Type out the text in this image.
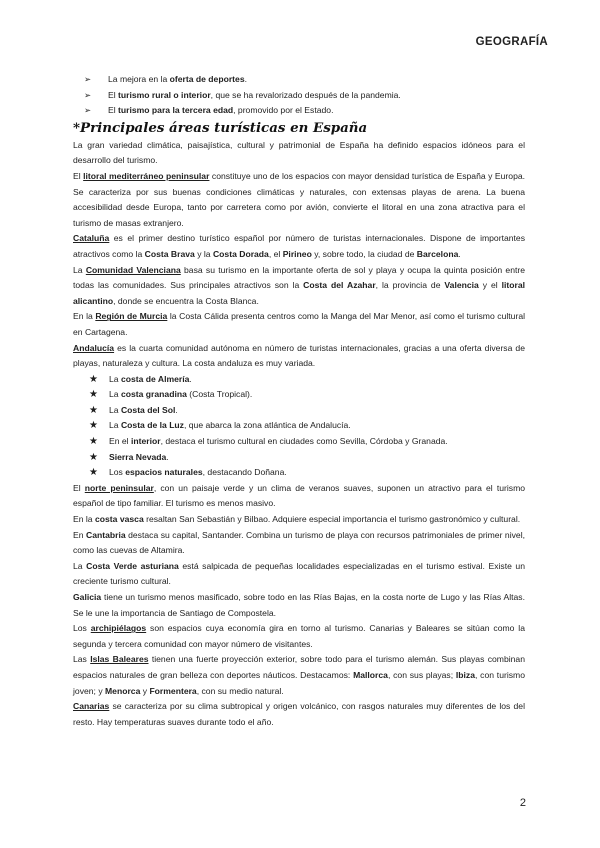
GEOGRAFÍA
➢ La mejora en la oferta de deportes.
➢ El turismo rural o interior, que se ha revalorizado después de la pandemia.
➢ El turismo para la tercera edad, promovido por el Estado.
*Principales áreas turísticas en España

La gran variedad climática, paisajística, cultural y patrimonial de España ha definido espacios idóneos para el desarrollo del turismo.

El litoral mediterráneo peninsular constituye uno de los espacios con mayor densidad turística de España y Europa. Se caracteriza por sus buenas condiciones climáticas y naturales, con extensas playas de arena. La buena accesibilidad desde Europa, tanto por carretera como por avión, convierte el litoral en una zona atractiva para el turismo de masas extranjero.

Cataluña es el primer destino turístico español por número de turistas internacionales. Dispone de importantes atractivos como la Costa Brava y la Costa Dorada, el Pirineo y, sobre todo, la ciudad de Barcelona.

La Comunidad Valenciana basa su turismo en la importante oferta de sol y playa y ocupa la quinta posición entre todas las comunidades. Sus principales atractivos son la Costa del Azahar, la provincia de Valencia y el litoral alicantino, donde se encuentra la Costa Blanca.

En la Región de Murcia la Costa Cálida presenta centros como la Manga del Mar Menor, así como el turismo cultural en Cartagena.

Andalucía es la cuarta comunidad autónoma en número de turistas internacionales, gracias a una oferta diversa de playas, naturaleza y cultura. La costa andaluza es muy variada.

★ La costa de Almería.
★ La costa granadina (Costa Tropical).
★ La Costa del Sol.
★ La Costa de la Luz, que abarca la zona atlántica de Andalucía.
★ En el interior, destaca el turismo cultural en ciudades como Sevilla, Córdoba y Granada.
★ Sierra Nevada.
★ Los espacios naturales, destacando Doñana.

El norte peninsular, con un paisaje verde y un clima de veranos suaves, suponen un atractivo para el turismo español de tipo familiar. El turismo es menos masivo.

En la costa vasca resaltan San Sebastián y Bilbao. Adquiere especial importancia el turismo gastronómico y cultural.

En Cantabria destaca su capital, Santander. Combina un turismo de playa con recursos patrimoniales de primer nivel, como las cuevas de Altamira.

La Costa Verde asturiana está salpicada de pequeñas localidades especializadas en el turismo estival. Existe un creciente turismo cultural.

Galicia tiene un turismo menos masificado, sobre todo en las Rías Bajas, en la costa norte de Lugo y las Rías Altas. Se le une la importancia de Santiago de Compostela.

Los archipiélagos son espacios cuya economía gira en torno al turismo. Canarias y Baleares se sitúan como la segunda y tercera comunidad con mayor número de visitantes.

Las Islas Baleares tienen una fuerte proyección exterior, sobre todo para el turismo alemán. Sus playas combinan espacios naturales de gran belleza con deportes náuticos. Destacamos: Mallorca, con sus playas; Ibiza, con turismo joven; y Menorca y Formentera, con su medio natural.

Canarias se caracteriza por su clima subtropical y origen volcánico, con rasgos naturales muy diferentes de los del resto. Hay temperaturas suaves durante todo el año.

2
